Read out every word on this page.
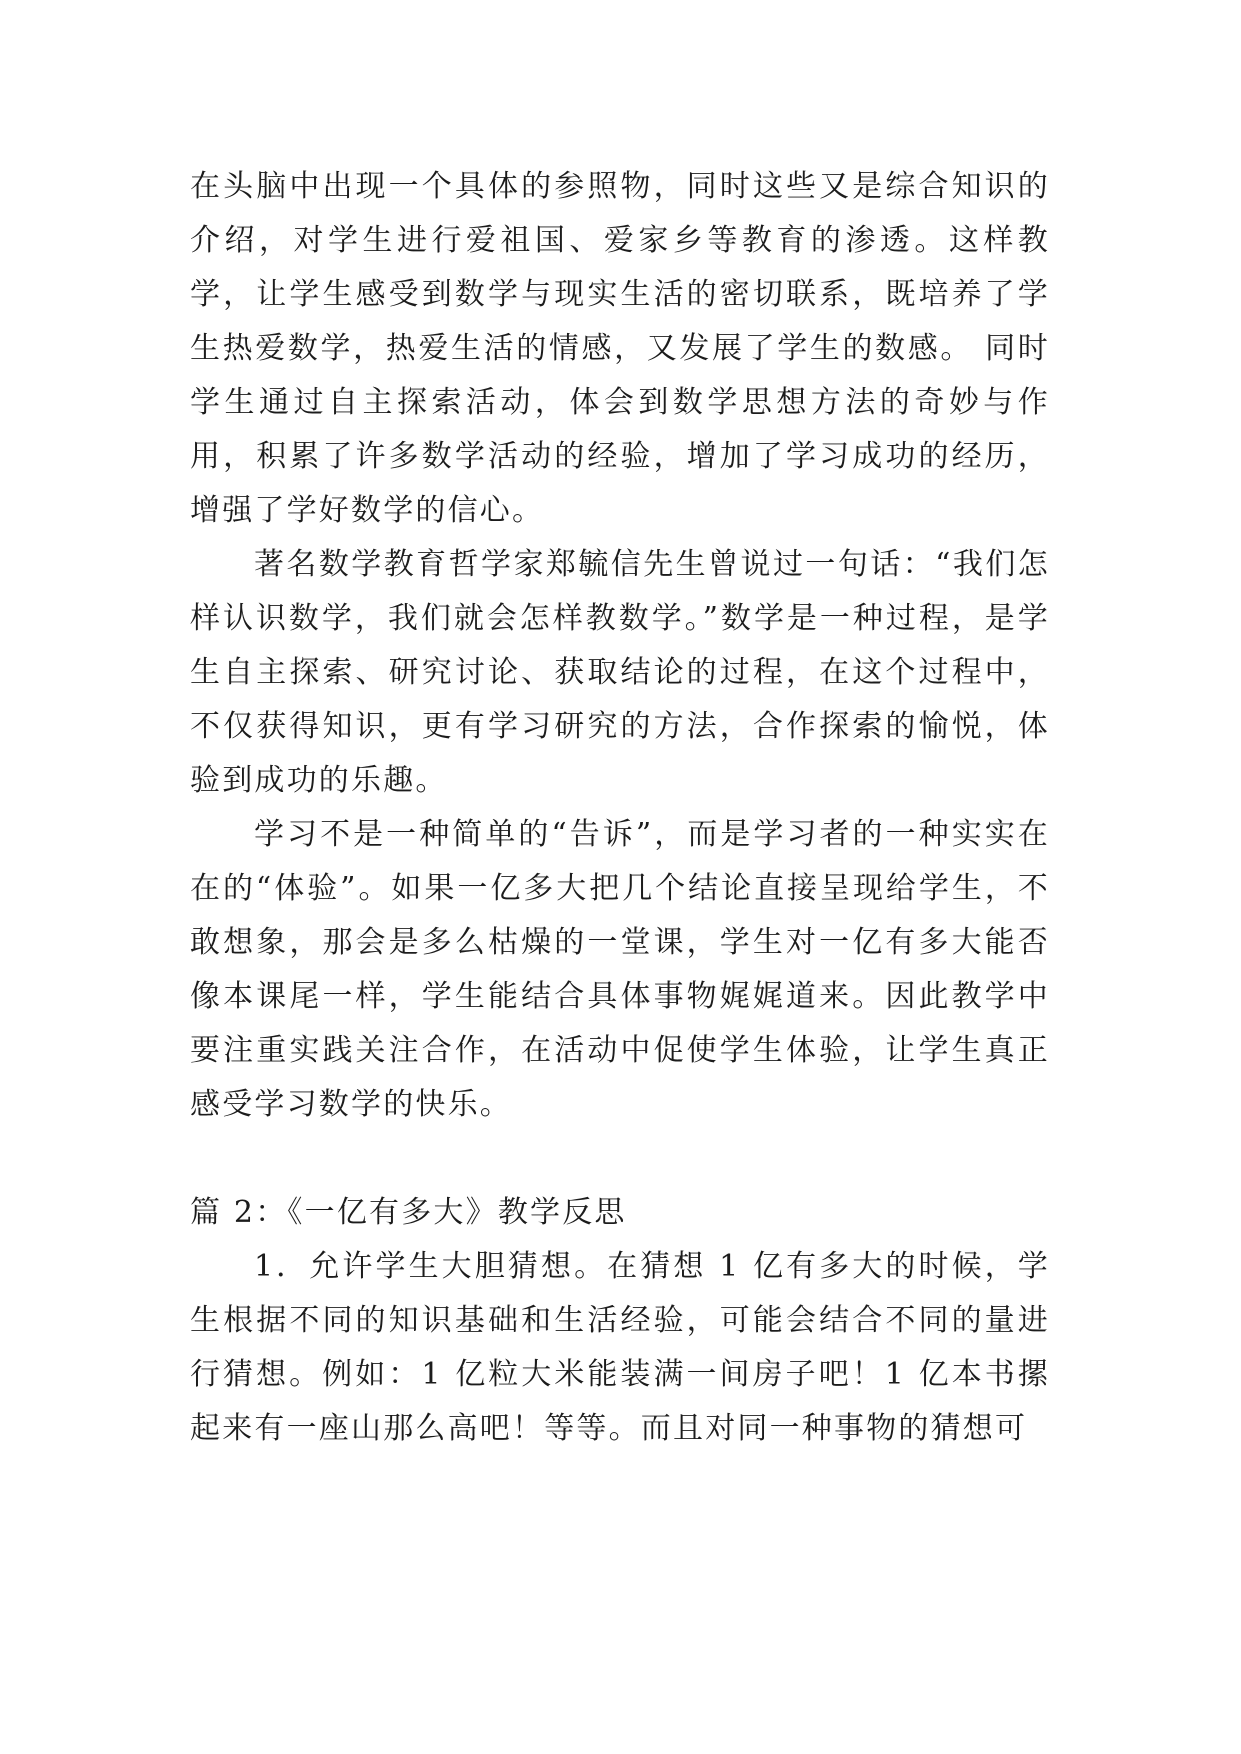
在头脑中出现一个具体的参照物，同时这些又是综合知识的介绍，对学生进行爱祖国、爱家乡等教育的渗透。这样教学，让学生感受到数学与现实生活的密切联系，既培养了学生热爱数学，热爱生活的情感，又发展了学生的数感。 同时学生通过自主探索活动，体会到数学思想方法的奇妙与作用，积累了许多数学活动的经验，增加了学习成功的经历，增强了学好数学的信心。

著名数学教育哲学家郑毓信先生曾说过一句话：“我们怎样认识数学，我们就会怎样教数学。”数学是一种过程，是学生自主探索、研究讨论、获取结论的过程，在这个过程中，不仅获得知识，更有学习研究的方法，合作探索的愉悦，体验到成功的乐趣。

学习不是一种简单的“告诉”，而是学习者的一种实实在在的“体验”。如果一亿多大把几个结论直接呈现给学生，不敢想象，那会是多么枯燥的一堂课，学生对一亿有多大能否像本课尾一样，学生能结合具体事物娓娓道来。因此教学中要注重实践关注合作，在活动中促使学生体验，让学生真正感受学习数学的快乐。

篇 2：《一亿有多大》教学反思

1．允许学生大胆猜想。在猜想 1 亿有多大的时候，学生根据不同的知识基础和生活经验，可能会结合不同的量进行猜想。例如：1 亿粒大米能装满一间房子吧！1 亿本书摞起来有一座山那么高吧！等等。而且对同一种事物的猜想可
